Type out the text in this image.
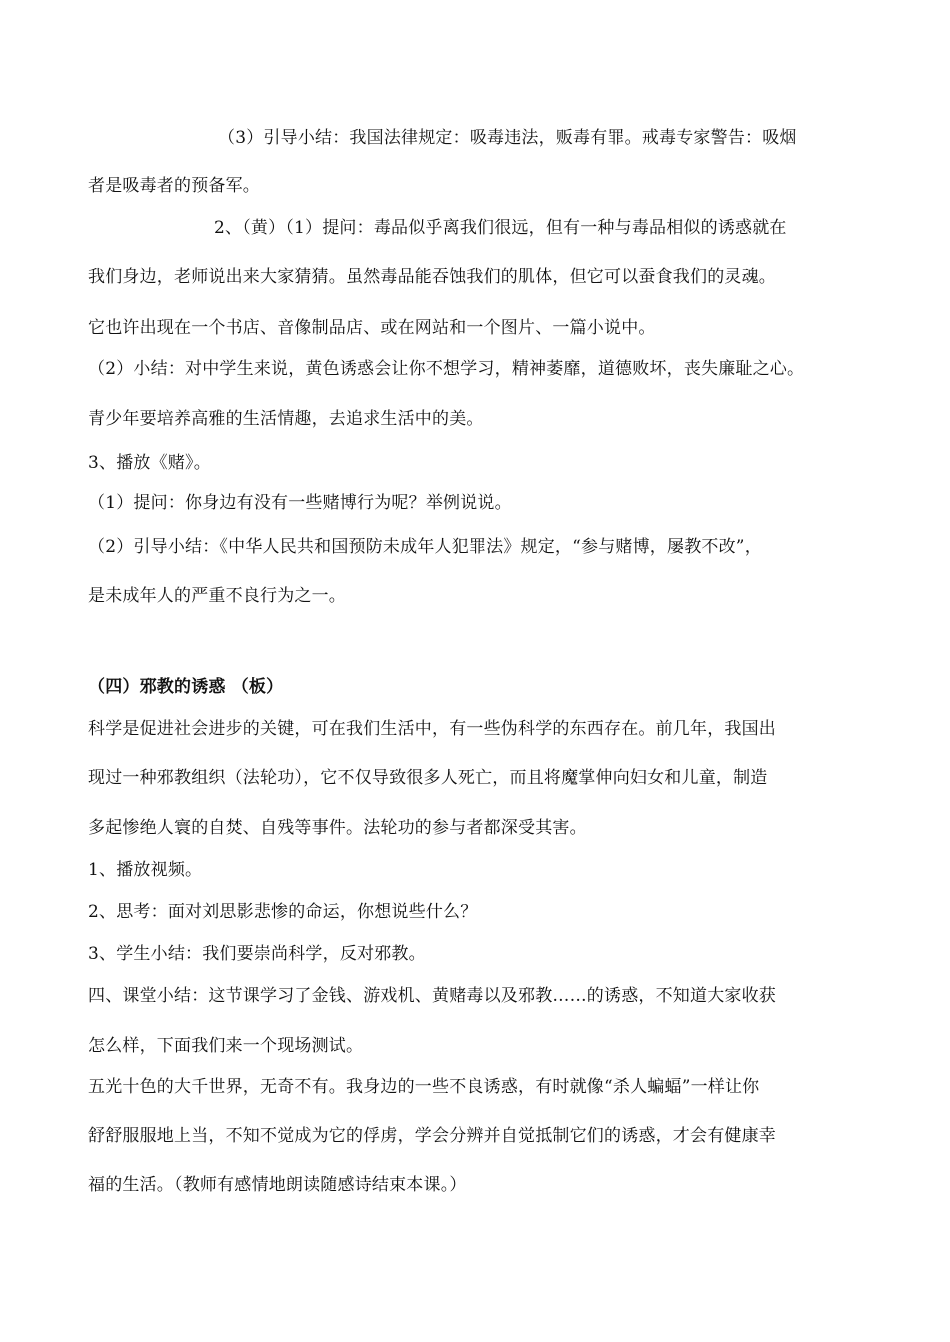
（3）引导小结：我国法律规定：吸毒违法，贩毒有罪。戒毒专家警告：吸烟
者是吸毒者的预备军。
2、（黄）（1）提问：毒品似乎离我们很远，但有一种与毒品相似的诱惑就在
我们身边，老师说出来大家猜猜。虽然毒品能吞蚀我们的肌体，但它可以蚕食我们的灵魂。
它也许出现在一个书店、音像制品店、或在网站和一个图片、一篇小说中。
（2）小结：对中学生来说，黄色诱惑会让你不想学习，精神萎靡，道德败坏，丧失廉耻之心。
青少年要培养高雅的生活情趣，去追求生活中的美。
3、播放《赌》。
（1）提问：你身边有没有一些赌博行为呢？举例说说。
（2）引导小结：《中华人民共和国预防未成年人犯罪法》规定，“参与赌博，屡教不改”，
是未成年人的严重不良行为之一。
（四）邪教的诱惑 （板）
科学是促进社会进步的关键，可在我们生活中，有一些伪科学的东西存在。前几年，我国出
现过一种邪教组织（法轮功），它不仅导致很多人死亡，而且将魔掌伸向妇女和儿童，制造
多起惨绝人寰的自焚、自残等事件。法轮功的参与者都深受其害。
1、播放视频。
2、思考：面对刘思影悲惨的命运，你想说些什么？
3、学生小结：我们要崇尚科学，反对邪教。
四、课堂小结：这节课学习了金钱、游戏机、黄赌毒以及邪教……的诱惑，不知道大家收获
怎么样，下面我们来一个现场测试。
五光十色的大千世界，无奇不有。我身边的一些不良诱惑，有时就像“杀人蝙蝠”一样让你
舒舒服服地上当，不知不觉成为它的俘虏，学会分辨并自觉抵制它们的诱惑，才会有健康幸
福的生活。（教师有感情地朗读随感诗结束本课。）
